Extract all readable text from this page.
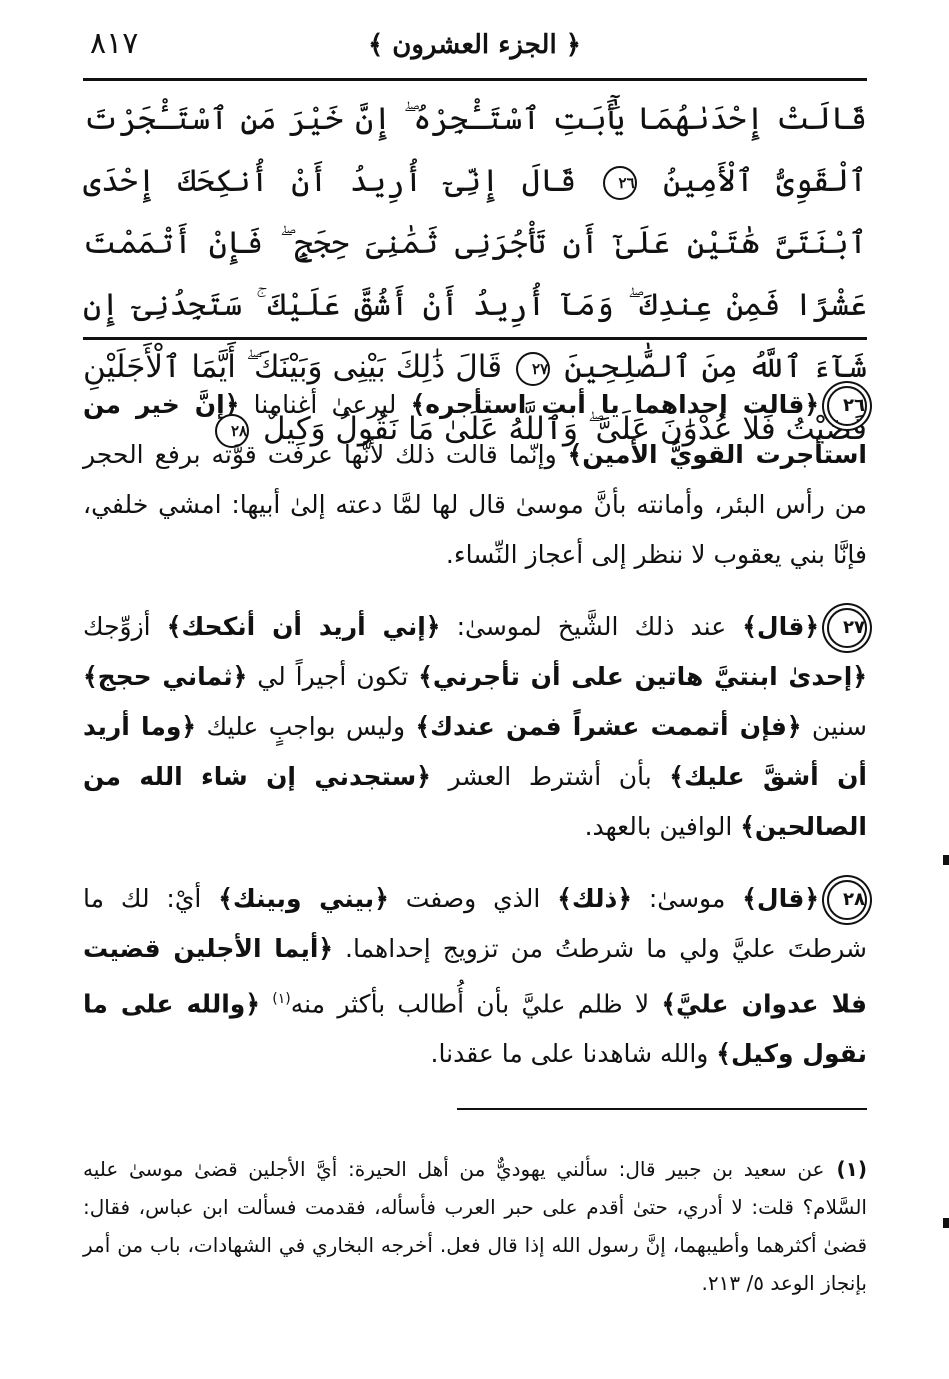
٨١٧	﴿ الجزء العشرون ﴾
قَالَتْ إِحْدَىٰهُمَا يَٰٓأَبَتِ ٱسْتَـْٔجِرْهُ ۖ إِنَّ خَيْرَ مَنِ ٱسْتَـْٔجَرْتَ ٱلْقَوِىُّ ٱلْأَمِينُ ٢٦ قَالَ إِنِّىٓ أُرِيدُ أَنْ أُنكِحَكَ إِحْدَى ٱبْنَتَىَّ هَٰتَيْنِ عَلَىٰٓ أَن تَأْجُرَنِى ثَمَٰنِىَ حِجَجٍ ۖ فَإِنْ أَتْمَمْتَ عَشْرًا فَمِنْ عِندِكَ ۖ وَمَآ أُرِيدُ أَنْ أَشُقَّ عَلَيْكَ ۚ سَتَجِدُنِىٓ إِن شَآءَ ٱللَّهُ مِنَ ٱلصَّٰلِحِينَ ٢٧ قَالَ ذَٰلِكَ بَيْنِى وَبَيْنَكَ ۖ أَيَّمَا ٱلْأَجَلَيْنِ قَضَيْتُ فَلَا عُدْوَٰنَ عَلَىَّ ۖ وَٱللَّهُ عَلَىٰ مَا نَقُولُ وَكِيلٌ ٢٨

٢٦﴿قالت إحداهما يا أبت استأجره﴾ ليرعىٰ أغنامنا ﴿إنَّ خير من استأجرت القويُّ الأمين﴾ وإنّما قالت ذلك لأنَّها عرفت قوَّته برفع الحجر من رأس البئر، وأمانته بأنَّ موسىٰ قال لها لمَّا دعته إلىٰ أبيها: امشي خلفي، فإنَّا بني يعقوب لا ننظر إلى أعجاز النِّساء.

٢٧﴿قال﴾ عند ذلك الشَّيخ لموسىٰ: ﴿إني أريد أن أنكحك﴾ أزوِّجك ﴿إحدىٰ ابنتيَّ هاتين على أن تأجرني﴾ تكون أجيراً لي ﴿ثماني حجج﴾ سنين ﴿فإن أتممت عشراً فمن عندك﴾ وليس بواجبٍ عليك ﴿وما أريد أن أشقَّ عليك﴾ بأن أشترط العشر ﴿ستجدني إن شاء الله من الصالحين﴾ الوافين بالعهد.

٢٨﴿قال﴾ موسىٰ: ﴿ذلك﴾ الذي وصفت ﴿بيني وبينك﴾ أيْ: لك ما شرطتَ عليَّ ولي ما شرطتُ من تزويج إحداهما. ﴿أيما الأجلين قضيت فلا عدوان عليَّ﴾ لا ظلم عليَّ بأن أُطالب بأكثر منه$^{(١)}$ ﴿والله على ما نقول وكيل﴾ والله شاهدنا على ما عقدنا.

(١)عن سعيد بن جبير قال: سألني يهوديٌّ من أهل الحيرة: أيَّ الأجلين قضىٰ موسىٰ عليه السَّلام؟ قلت: لا أدري، حتىٰ أقدم على حبر العرب فأسأله، فقدمت فسألت ابن عباس، فقال: قضىٰ أكثرهما وأطيبهما، إنَّ رسول الله إذا قال فعل. أخرجه البخاري في الشهادات، باب من أمر بإنجاز الوعد ٥/ ٢١٣.
